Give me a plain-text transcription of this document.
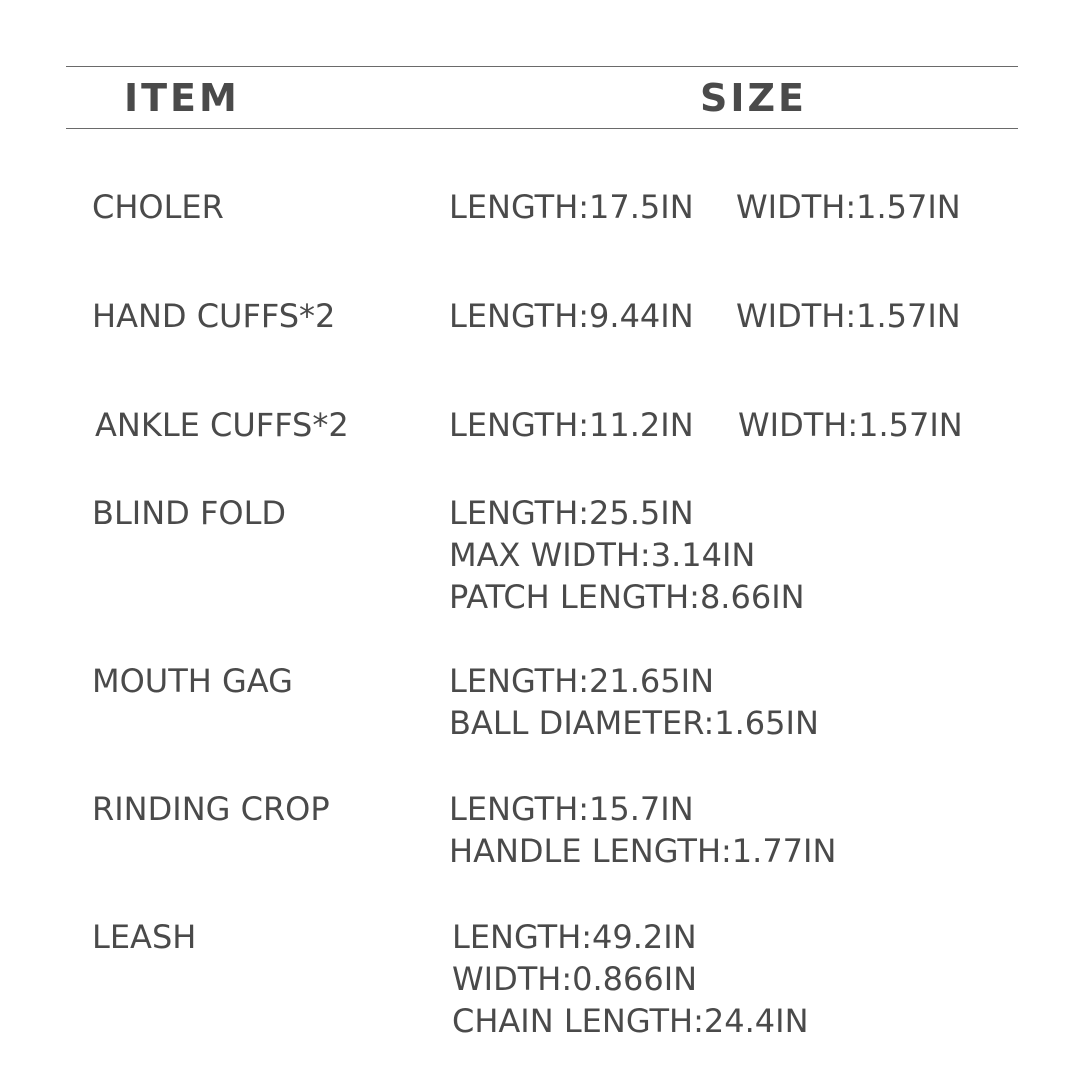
ITEM	SIZE
CHOLER	LENGTH:17.5IN WIDTH:1.57IN
HAND CUFFS*2	LENGTH:9.44IN WIDTH:1.57IN
ANKLE CUFFS*2	LENGTH:11.2IN WIDTH:1.57IN
BLIND FOLD	LENGTH:25.5IN
MAX WIDTH:3.14IN
PATCH LENGTH:8.66IN
MOUTH GAG	LENGTH:21.65IN
BALL DIAMETER:1.65IN
RINDING CROP	LENGTH:15.7IN
HANDLE LENGTH:1.77IN
LEASH	LENGTH:49.2IN
WIDTH:0.866IN
CHAIN LENGTH:24.4IN
